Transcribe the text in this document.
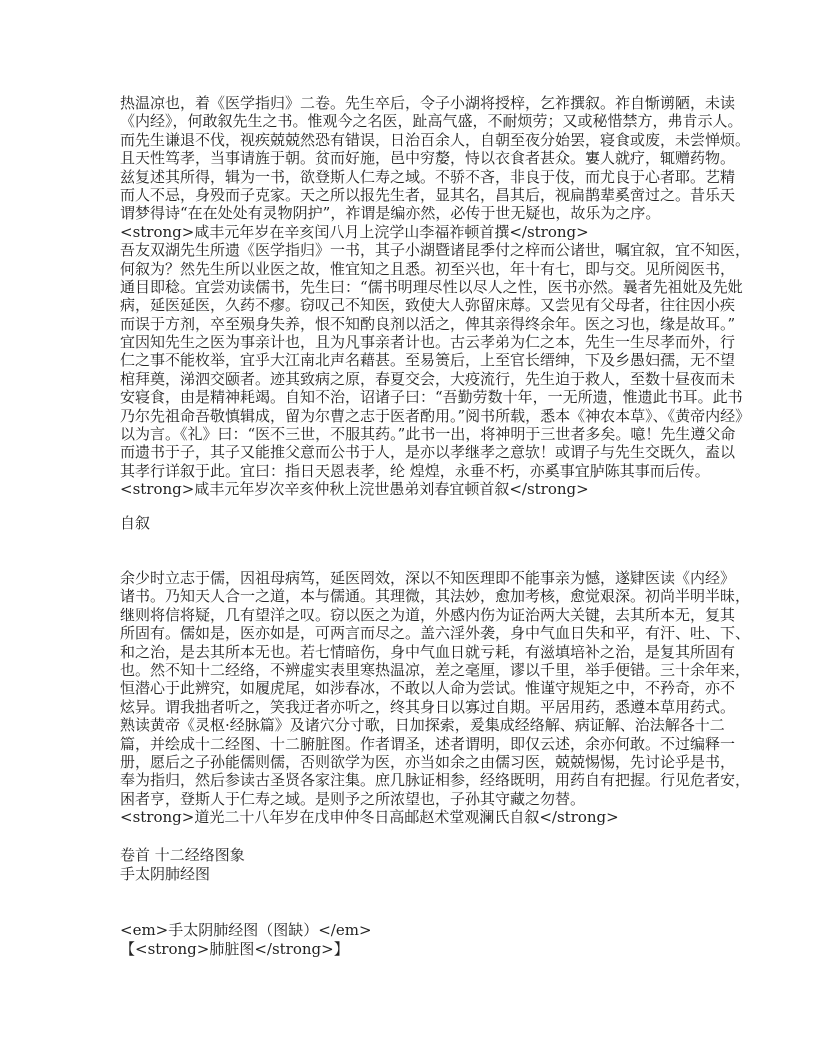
热温凉也，着《医学指归》二卷。先生卒后，令子小湖将授梓，乞祚撰叙。祚自惭谫陋，未读
《内经》，何敢叙先生之书。惟观今之名医，趾高气盛，不耐烦劳；又或秘惜禁方，弗肯示人。
而先生谦退不伐，视疾兢兢然恐有错误，日治百余人，自朝至夜分始罢，寝食或废，未尝惮烦。
且天性笃孝，当事请旌于朝。贫而好施，邑中穷嫠，恃以衣食者甚众。寠人就疗，辄赠药物。
兹复述其所得，辑为一书，欲登斯人仁寿之域。不骄不吝，非良于伎，而尤良于心者耶。艺精
而人不忌，身殁而子克家。天之所以报先生者，显其名，昌其后，视扁鹊辈奚啻过之。昔乐天
谓梦得诗“在在处处有灵物阴护”，祚谓是编亦然，必传于世无疑也，故乐为之序。
<strong>咸丰元年岁在辛亥闰八月上浣学山李福祚顿首撰</strong>
吾友双湖先生所遗《医学指归》一书，其子小湖暨诸昆季付之梓而公诸世，嘱宜叙，宜不知医，
何叙为？然先生所以业医之故，惟宜知之且悉。初至兴也，年十有七，即与交。见所阅医书，
通目即稔。宜尝劝读儒书，先生曰：“儒书明理尽性以尽人之性，医书亦然。曩者先祖妣及先妣
病，延医延医，久药不瘳。窃叹己不知医，致使大人弥留床蓐。又尝见有父母者，往往因小疾
而误于方剂，卒至殒身失养，恨不知酌良剂以活之，俾其亲得终余年。医之习也，缘是故耳。”
宜因知先生之医为事亲计也，且为凡事亲者计也。古云孝弟为仁之本，先生一生尽孝而外，行
仁之事不能枚举，宜乎大江南北声名藉甚。至易箦后，上至官长缙绅，下及乡愚妇孺，无不望
棺拜奠，涕泗交颐者。迹其致病之原，春夏交会，大疫流行，先生迫于救人，至数十昼夜而未
安寝食，由是精神耗竭。自知不治，诏诸子曰：“吾勤劳数十年，一无所遗，惟遗此书耳。此书
乃尔先祖命吾敬慎辑成，留为尔曹之志于医者酌用。”阅书所载，悉本《神农本草》、《黄帝内经》
以为言。《礼》曰：“医不三世，不服其药。”此书一出，将神明于三世者多矣。噫！先生遵父命
而遗书于子，其子又能推父意而公书于人，是亦以孝继孝之意欤！或谓子与先生交既久，盍以
其孝行详叙于此。宜曰：指日天恩表孝，纶 煌煌，永垂不朽，亦奚事宜胪陈其事而后传。
<strong>咸丰元年岁次辛亥仲秋上浣世愚弟刘春宜顿首叙</strong>
自叙
余少时立志于儒，因祖母病笃，延医罔效，深以不知医理即不能事亲为憾，遂肄医读《内经》
诸书。乃知天人合一之道，本与儒通。其理微，其法妙，愈加考核，愈觉艰深。初尚半明半昧，
继则将信将疑，几有望洋之叹。窃以医之为道，外感内伤为证治两大关键，去其所本无，复其
所固有。儒如是，医亦如是，可两言而尽之。盖六淫外袭，身中气血日失和平，有汗、吐、下、
和之治，是去其所本无也。若七情暗伤，身中气血日就亏耗，有滋填培补之治，是复其所固有
也。然不知十二经络，不辨虚实表里寒热温凉，差之毫厘，谬以千里，举手便错。三十余年来，
恒潜心于此辨究，如履虎尾，如涉春冰，不敢以人命为尝试。惟谨守规矩之中，不矜奇，亦不
炫异。谓我拙者听之，笑我迂者亦听之，终其身日以寡过自期。平居用药，悉遵本草用药式。
熟读黄帝《灵枢·经脉篇》及诸穴分寸歌，日加探索，爰集成经络解、病证解、治法解各十二
篇，并绘成十二经图、十二腑脏图。作者谓圣，述者谓明，即仅云述，余亦何敢。不过编释一
册，愿后之子孙能儒则儒，否则欲学为医，亦当如余之由儒习医，兢兢惕惕，先讨论乎是书，
奉为指归，然后参读古圣贤各家注集。庶几脉证相参，经络既明，用药自有把握。行见危者安，
困者亨，登斯人于仁寿之域。是则予之所浓望也，子孙其守藏之勿替。
<strong>道光二十八年岁在戊申仲冬日高邮赵术堂观澜氏自叙</strong>
卷首 十二经络图象
手太阴肺经图
<em>手太阴肺经图（图缺）</em>
【<strong>肺脏图</strong>】
